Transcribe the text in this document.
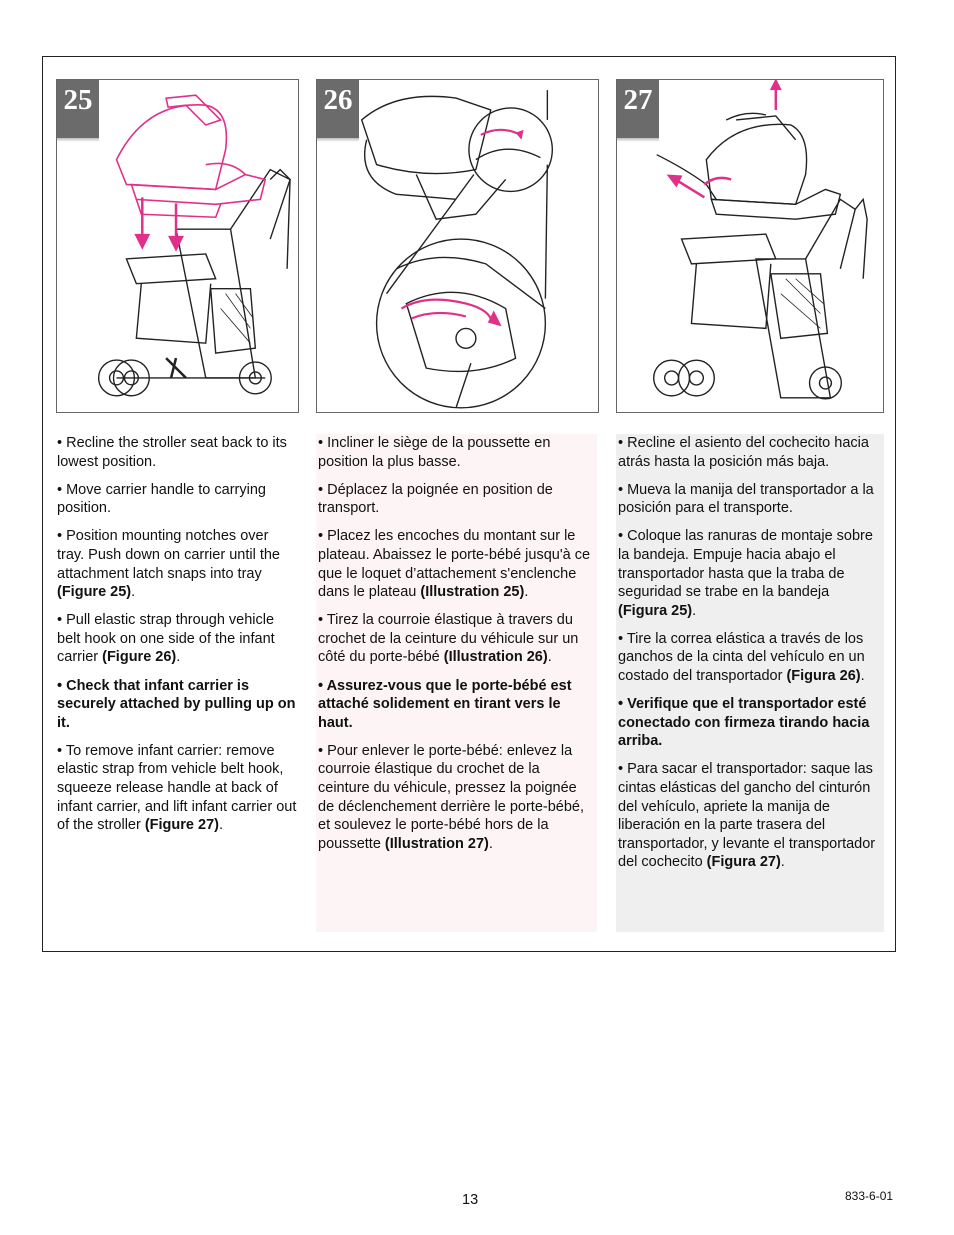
25	26	27

• Recline the stroller seat back to its lowest position.

• Move carrier handle to carrying position.

• Position mounting notches over tray. Push down on carrier until the attachment latch snaps into tray (Figure 25).

• Pull elastic strap through vehicle belt hook on one side of the infant carrier (Figure 26).

• Check that infant carrier is securely attached by pulling up on it.

• To remove infant carrier: remove elastic strap from vehicle belt hook, squeeze release handle at back of infant carrier, and lift infant carrier out of the stroller (Figure 27).

• Incliner le siège de la poussette en position la plus basse.

• Déplacez la poignée en position de transport.

• Placez les encoches du montant sur le plateau. Abaissez le porte-bébé jusqu'à ce que le loquet d’attachement s'enclenche dans le plateau (Illustration 25).

• Tirez la courroie élastique à travers du crochet de la ceinture du véhicule sur un côté du porte-bébé (Illustration 26).

• Assurez-vous que le porte-bébé est attaché solidement en tirant vers le haut.

• Pour enlever le porte-bébé: enlevez la courroie élastique du crochet de la ceinture du véhicule, pressez la poignée de déclenchement derrière le porte-bébé, et soulevez le porte-bébé hors de la poussette (Illustration 27).

• Recline el asiento del cochecito hacia atrás hasta la posición más baja.

• Mueva la manija del transportador a la posición para el transporte.

• Coloque las ranuras de montaje sobre la bandeja. Empuje hacia abajo el transportador hasta que la traba de seguridad se trabe en la bandeja (Figura 25).

• Tire la correa elástica a través de los ganchos de la cinta del vehículo en un costado del transportador (Figura 26).

• Verifique que el transportador esté conectado con firmeza tirando hacia arriba.

• Para sacar el transportador: saque las cintas elásticas del gancho del cinturón del vehículo, apriete la manija de liberación en la parte trasera del transportador, y levante el transportador del cochecito (Figura 27).

13	833-6-01
